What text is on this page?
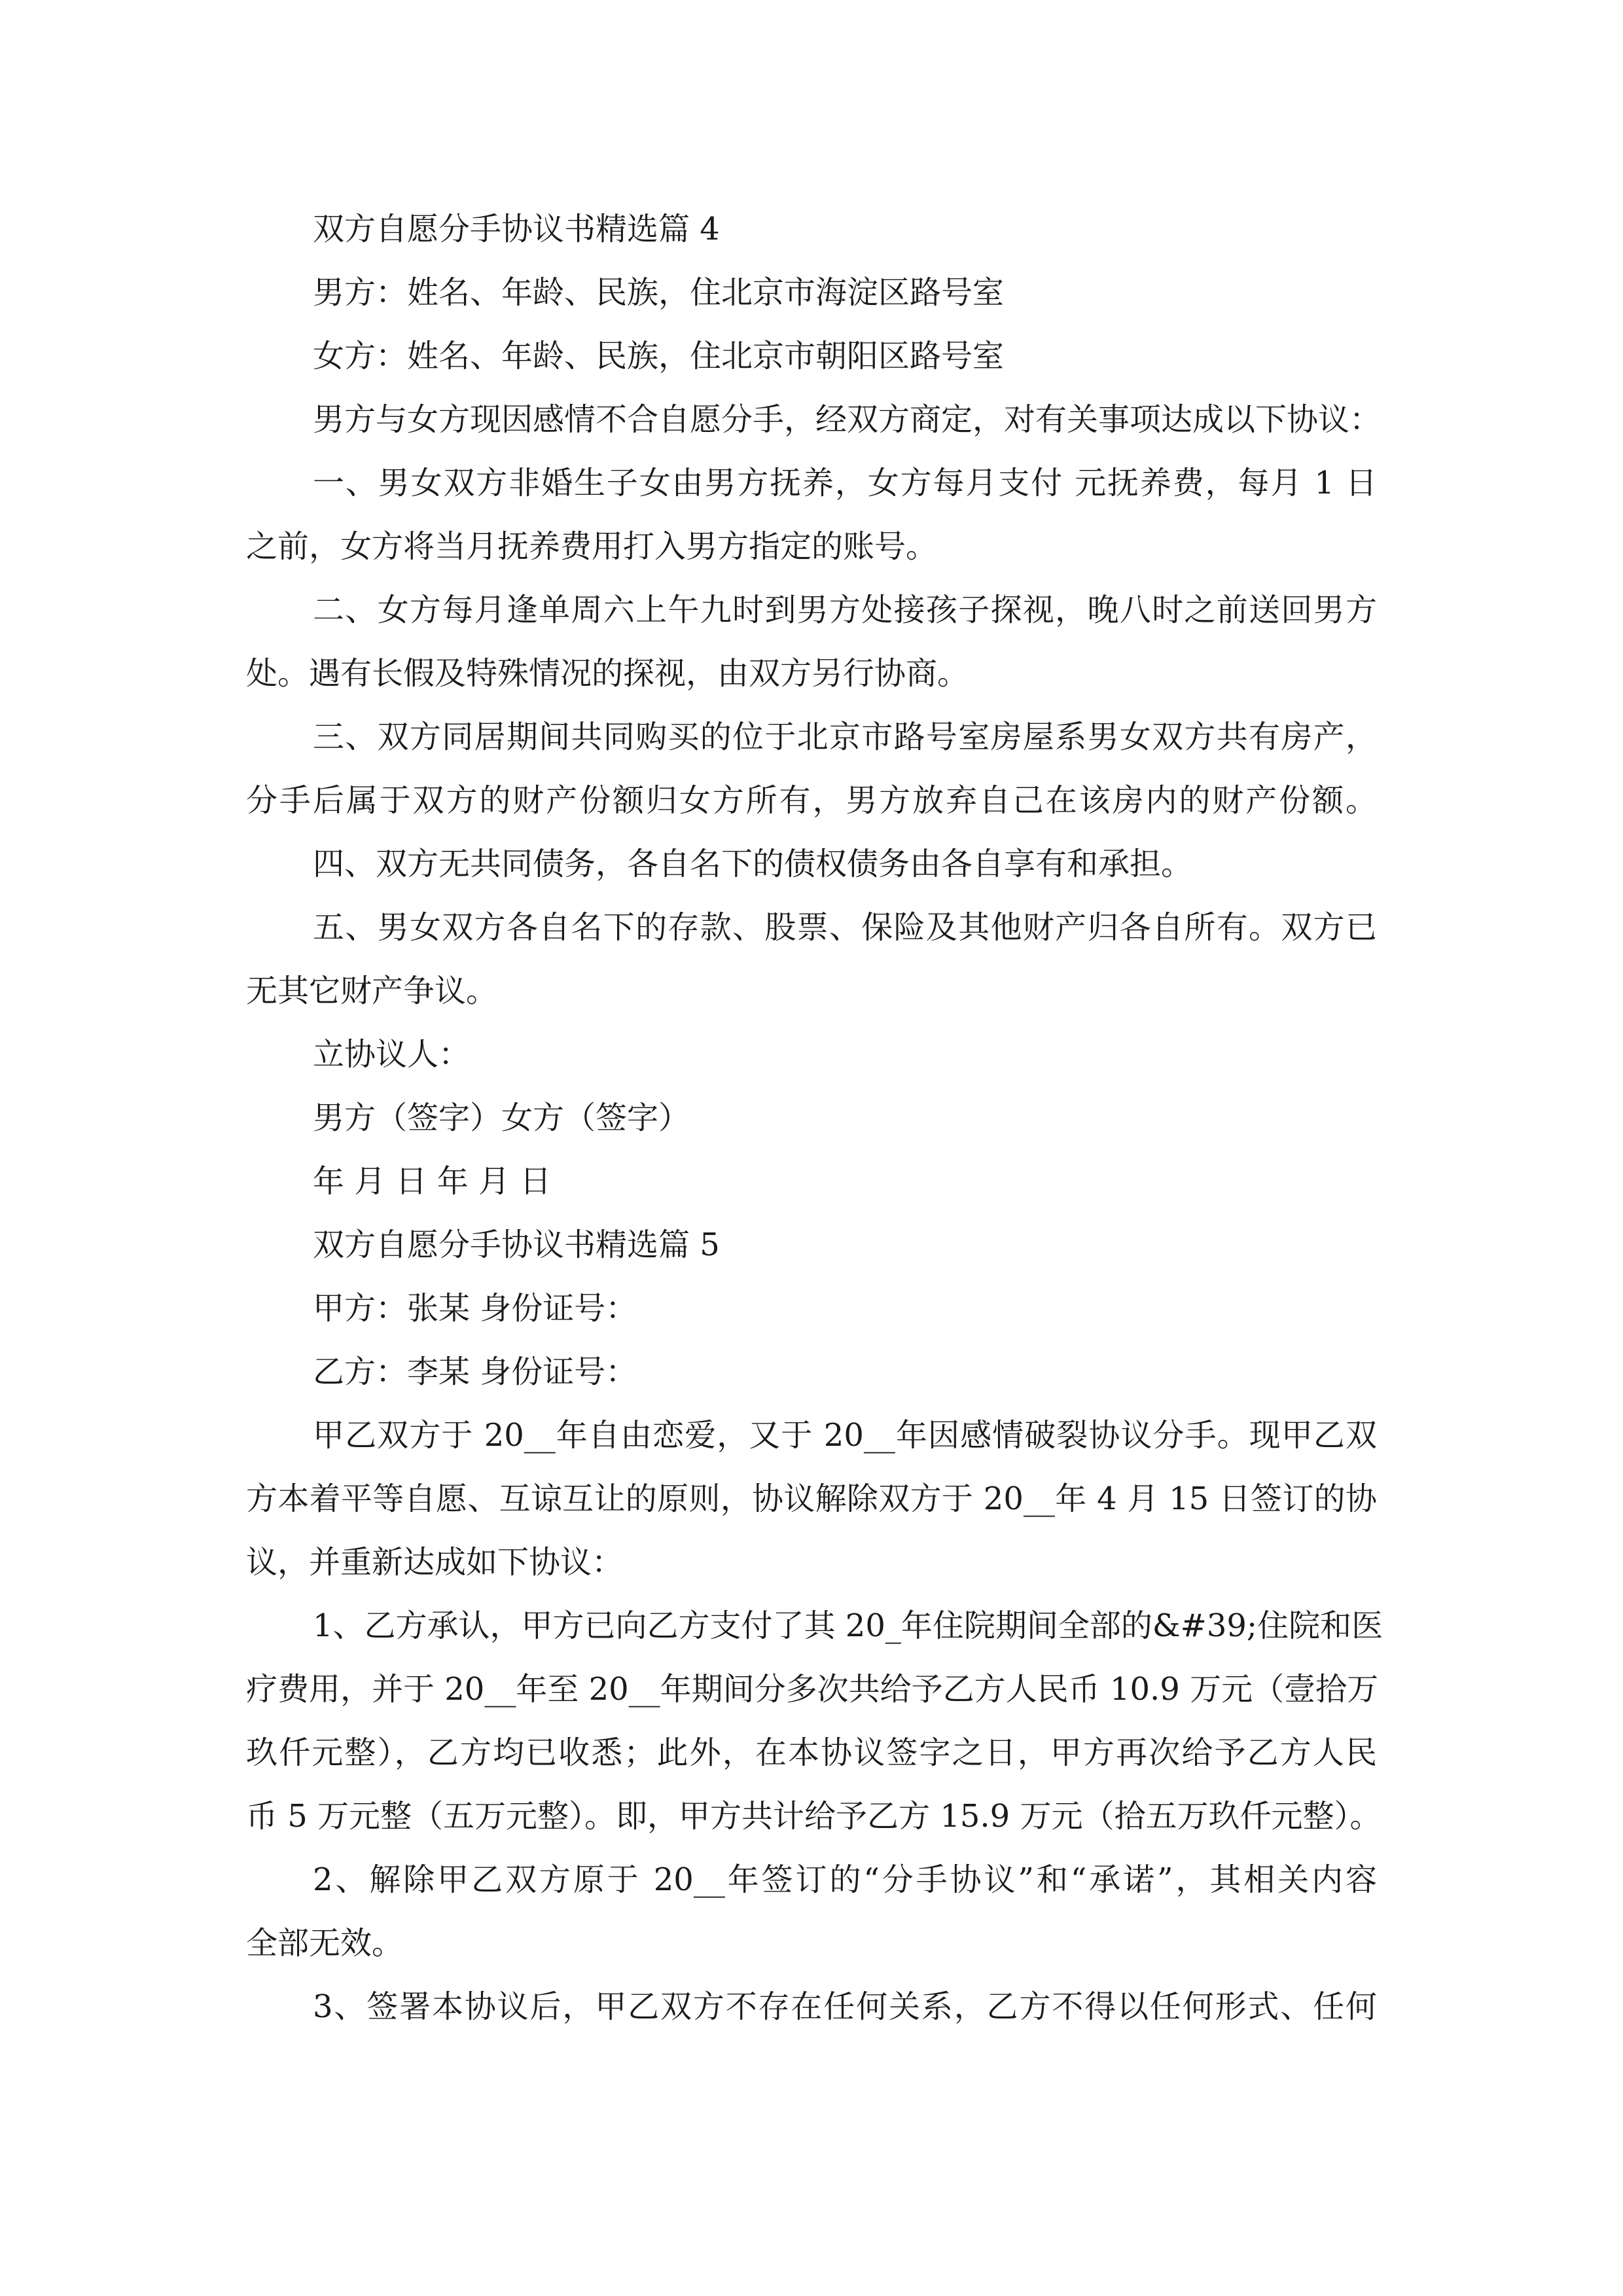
双方自愿分手协议书精选篇 4

男方：姓名、年龄、民族，住北京市海淀区路号室

女方：姓名、年龄、民族，住北京市朝阳区路号室

男方与女方现因感情不合自愿分手，经双方商定，对有关事项达成以下协议：

一、男女双方非婚生子女由男方抚养，女方每月支付 元抚养费，每月 1 日

之前，女方将当月抚养费用打入男方指定的账号。

二、女方每月逢单周六上午九时到男方处接孩子探视，晚八时之前送回男方

处。遇有长假及特殊情况的探视，由双方另行协商。

三、双方同居期间共同购买的位于北京市路号室房屋系男女双方共有房产，

分手后属于双方的财产份额归女方所有，男方放弃自己在该房内的财产份额。

四、双方无共同债务，各自名下的债权债务由各自享有和承担。

五、男女双方各自名下的存款、股票、保险及其他财产归各自所有。双方已

无其它财产争议。

立协议人：

男方（签字）女方（签字）

年 月 日 年 月 日

双方自愿分手协议书精选篇 5

甲方：张某 身份证号：

乙方：李某 身份证号：

甲乙双方于 20__年自由恋爱，又于 20__年因感情破裂协议分手。现甲乙双

方本着平等自愿、互谅互让的原则，协议解除双方于 20__年 4 月 15 日签订的协

议，并重新达成如下协议：

1、乙方承认，甲方已向乙方支付了其 20_年住院期间全部的&#39;住院和医

疗费用，并于 20__年至 20__年期间分多次共给予乙方人民币 10.9 万元（壹拾万

玖仟元整），乙方均已收悉；此外，在本协议签字之日，甲方再次给予乙方人民

币 5 万元整（五万元整）。即，甲方共计给予乙方 15.9 万元（拾五万玖仟元整）。

2、解除甲乙双方原于 20__年签订的“分手协议”和“承诺”，其相关内容

全部无效。

3、签署本协议后，甲乙双方不存在任何关系，乙方不得以任何形式、任何
